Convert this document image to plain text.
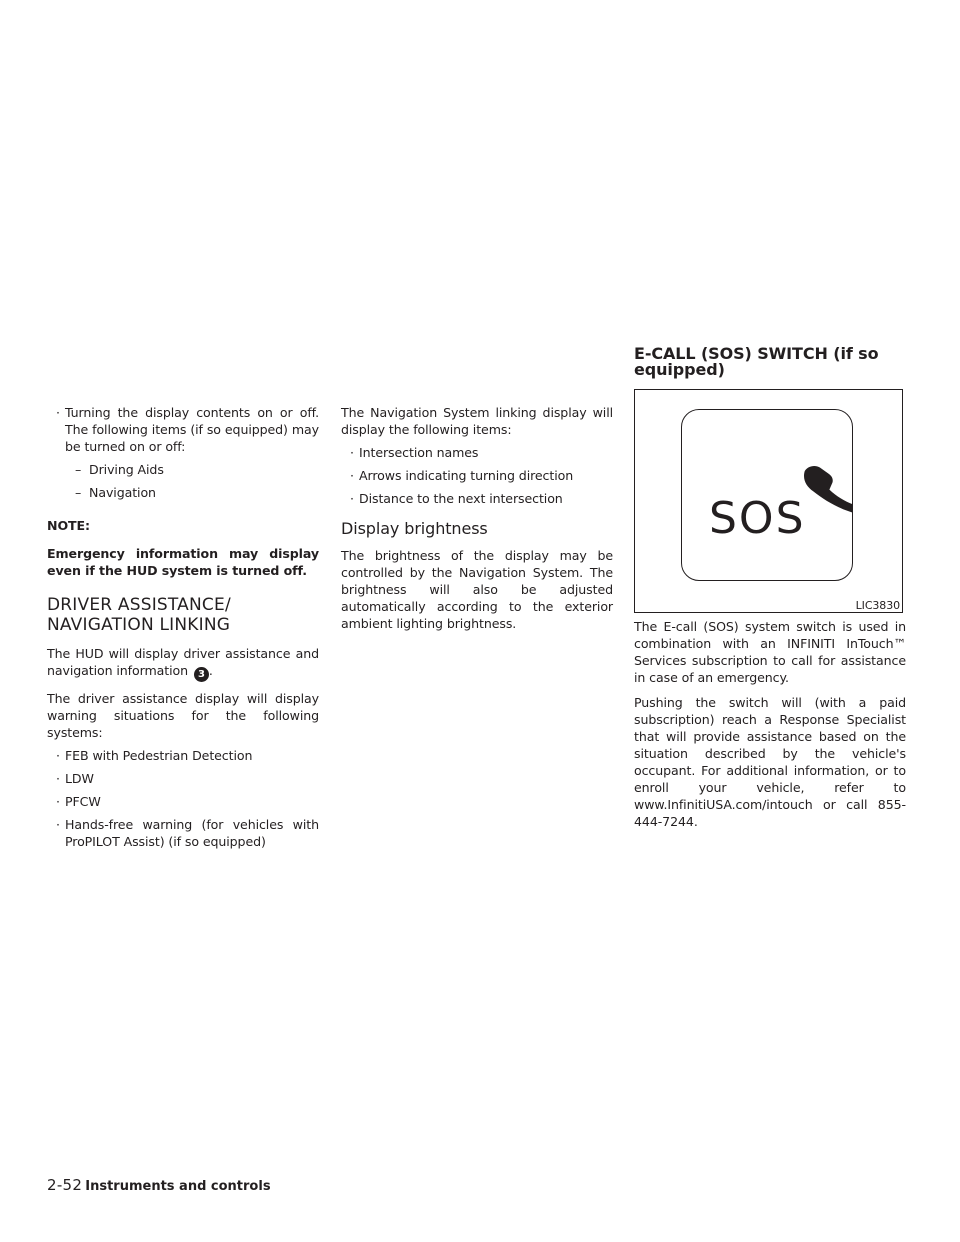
· Turning the display contents on or off. The following items (if so equipped) may be turned on or off:

– Driving Aids

– Navigation

NOTE:

Emergency information may display even if the HUD system is turned off.

DRIVER ASSISTANCE/
NAVIGATION LINKING

The HUD will display driver assistance and navigation information 3 .

The driver assistance display will display warning situations for the following systems:

· FEB with Pedestrian Detection

· LDW

· PFCW

· Hands-free warning (for vehicles with ProPILOT Assist) (if so equipped)

The Navigation System linking display will display the following items:

· Intersection names

· Arrows indicating turning direction

· Distance to the next intersection

Display brightness

The brightness of the display may be controlled by the Navigation System. The brightness will also be adjusted automatically according to the exterior ambient lighting brightness.

E-CALL (SOS) SWITCH (if so
equipped)

SOS
LIC3830

The E-call (SOS) system switch is used in combination with an INFINITI InTouch™ Services subscription to call for assistance in case of an emergency.

Pushing the switch will (with a paid subscription) reach a Response Specialist that will provide assistance based on the situation described by the vehicle's occupant. For additional information, or to enroll your vehicle, refer to www.InfinitiUSA.com/intouch or call 855-444-7244.

2-52 Instruments and controls
